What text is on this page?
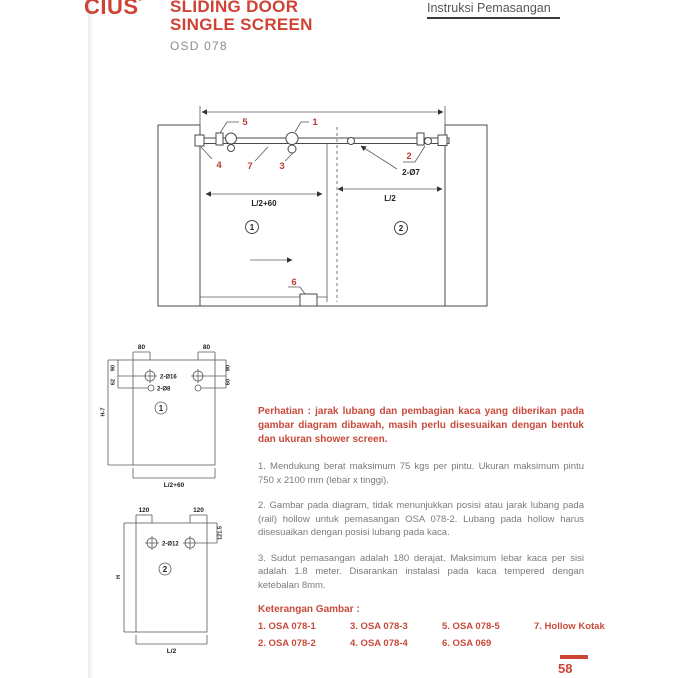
$CIUS^ˇ$ SLIDING DOOR
SINGLE SCREEN
OSD 078
Instruksi Pemasangan
5	1
4	7	3
2
6
2-Ø7
L/2+60
L/2
1	2
80	80
90
62
H-7
90
60
2-Ø16
2-Ø8
1
L/2+60
120	120
121.5
H
2-Ø12
2
L/2

Perhatian : jarak lubang dan pembagian kaca yang diberikan pada gambar diagram dibawah, masih perlu disesuaikan dengan bentuk dan ukuran shower screen.

1. Mendukung berat maksimum 75 kgs per pintu. Ukuran maksimum pintu 750 x 2100 mm (lebar x tinggi).

2. Gambar pada diagram, tidak menunjukkan posisi atau jarak lubang pada (rail) hollow untuk pemasangan OSA 078-2. Lubang pada hollow harus disesuaikan dengan posisi lubang pada kaca.

3. Sudut pemasangan adalah 180 derajat. Maksimum lebar kaca per sisi adalah 1.8 meter. Disarankan instalasi pada kaca tempered dengan ketebalan 8mm.

Keterangan Gambar :

1. OSA 078-1	3. OSA 078-3	5. OSA 078-5	7. Hollow Kotak
2. OSA 078-2	4. OSA 078-4	6. OSA 069
58
